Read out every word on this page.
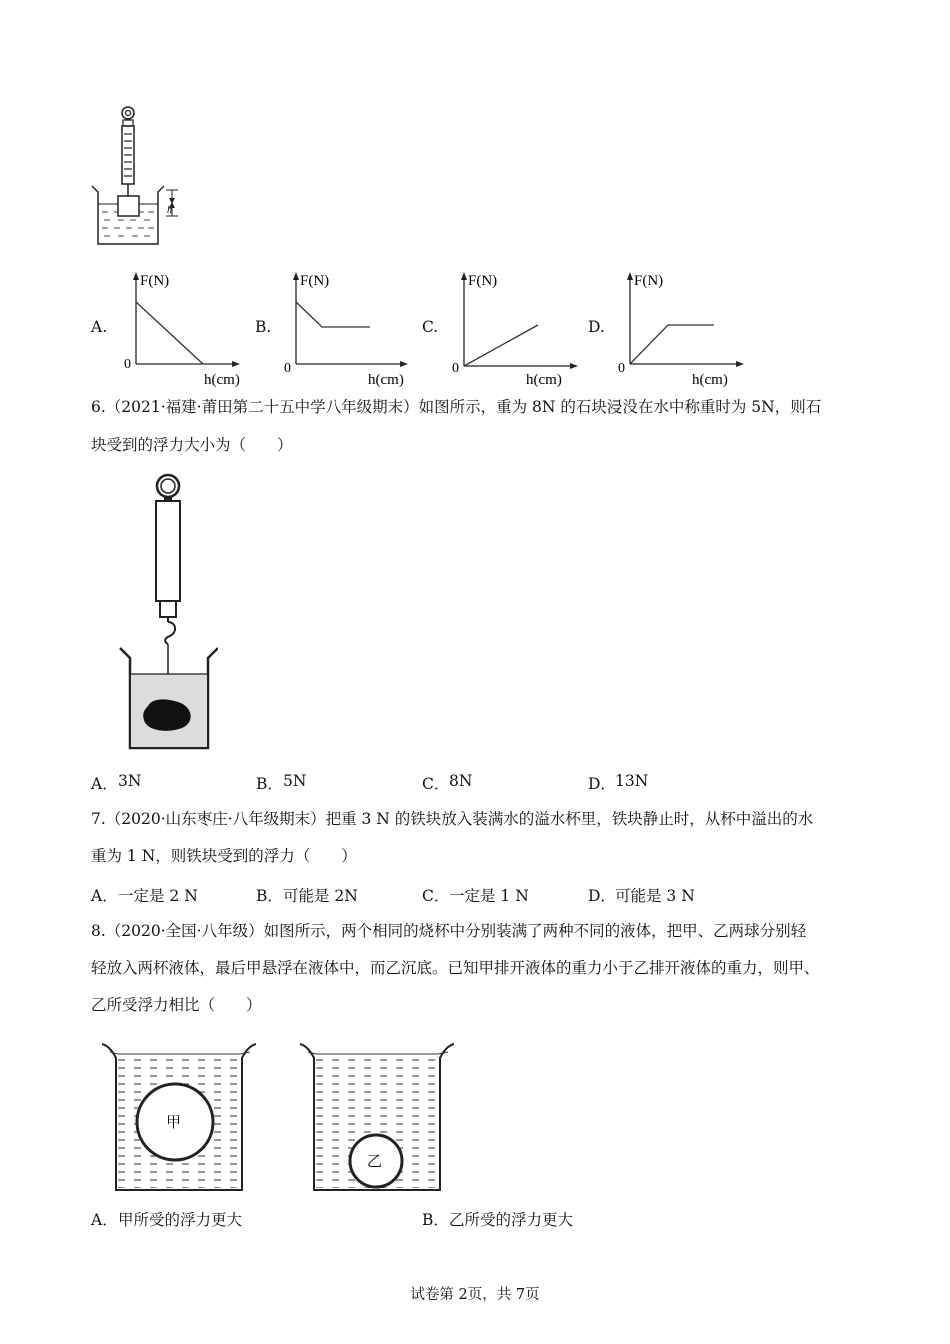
h
A.
F(N)
0
h(cm)
B.
F(N)
0
h(cm)
C.
F(N)
0
h(cm)
D.
F(N)
0
h(cm)
6.（2021·福建·莆田第二十五中学八年级期末）如图所示，重为 8N 的石块浸没在水中称重时为 5N，则石
块受到的浮力大小为（　　）
A． 3N	B． 5N	C． 8N	D． 13N
7.（2020·山东枣庄·八年级期末）把重 3 N 的铁块放入装满水的溢水杯里，铁块静止时，从杯中溢出的水
重为 1 N，则铁块受到的浮力（　　）
A． 一定是 2 N	B． 可能是 2N	C． 一定是 1 N	D． 可能是 3 N
8.（2020·全国·八年级）如图所示，两个相同的烧杯中分别装满了两种不同的液体，把甲、乙两球分别轻
轻放入两杯液体，最后甲悬浮在液体中，而乙沉底。已知甲排开液体的重力小于乙排开液体的重力，则甲、
乙所受浮力相比（　　）
甲
乙
A． 甲所受的浮力更大	B． 乙所受的浮力更大
试卷第 2页，共 7页
